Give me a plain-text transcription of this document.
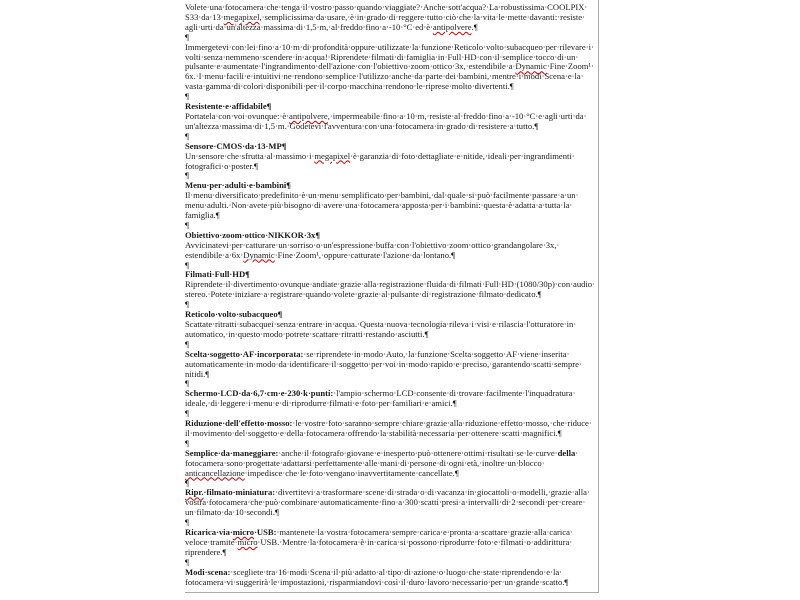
Volete·​una·​fotocamera·​che·​tenga·​il·​vostro·​passo·​quando·​viaggiate?·​Anche·​sott'acqua?·​La·​robustissima·​COOLPIX·​S33·​da·​13·​megapixel,·​semplicissima·​da·​usare,·​è·​in·​grado·​di·​reggere·​tutto·​ciò·​che·​la·​vita·​le·​mette·​davanti:·​resiste·​agli·​urti·​da·​un'altezza·​massima·​di·​1,5·​m,·​al·​freddo·​fino·​a·​-10·​°C·​ed·​è·​antipolvere.¶
¶
Immergetevi·​con·​lei·​fino·​a·​10·​m·​di·​profondità·​oppure·​utilizzate·​la·​funzione·​Reticolo·​volto·​subacqueo·​per·​rilevare·​i·​volti·​senza·​nemmeno·​scendere·​in·​acqua!·​Riprendete·​filmati·​di·​famiglia·​in·​Full·​HD·​con·​il·​semplice·​tocco·​di·​un·​pulsante·​e·​aumentate·​l'ingrandimento·​dell'azione·​con·​l'obiettivo·​zoom·​ottico·​3x,·​estendibile·​a·​Dynamic·​Fine·​Zoom¹·​6x.·​I·​menu·​facili·​e·​intuitivi·​ne·​rendono·​semplice·​l'utilizzo·​anche·​da·​parte·​dei·​bambini,·​mentre·​i·​modi·​Scena·​e·​la·​vasta·​gamma·​di·​colori·​disponibili·​per·​il·​corpo·​macchina·​rendono·​le·​riprese·​molto·​divertenti.¶
¶
Resistente·​e·​affidabile¶
Portatela·​con·​voi·​ovunque:·​è·​antipolvere,·​impermeabile·​fino·​a·​10·​m,·​resiste·​al·​freddo·​fino·​a·​-10·​°C·​e·​agli·​urti·​da·​un'altezza·​massima·​di·​1,5·​m.·​Godetevi·​l'avventura·​con·​una·​fotocamera·​in·​grado·​di·​resistere·​a·​tutto.¶
¶
Sensore·​CMOS·​da·​13·​MP¶
Un·​sensore·​che·​sfrutta·​al·​massimo·​i·​megapixel·​è·​garanzia·​di·​foto·​dettagliate·​e·​nitide,·​ideali·​per·​ingrandimenti·​fotografici·​o·​poster.¶
¶
Menu·​per·​adulti·​e·​bambini¶
Il·​menu·​diversificato·​predefinito·​è·​un·​menu·​semplificato·​per·​bambini,·​dal·​quale·​si·​può·​facilmente·​passare·​a·​un·​menu·​adulti.·​Non·​avete·​più·​bisogno·​di·​avere·​una·​fotocamera·​apposta·​per·​i·​bambini:·​questa·​è·​adatta·​a·​tutta·​la·​famiglia.¶
¶
Obiettivo·​zoom·​ottico·​NIKKOR·​3x¶
Avvicinatevi·​per·​catturare·​un·​sorriso·​o·​un'espressione·​buffa·​con·​l'obiettivo·​zoom·​ottico·​grandangolare·​3x,·​estendibile·​a·​6x·​Dynamic·​Fine·​Zoom¹,·​oppure·​catturate·​l'azione·​da·​lontano.¶
¶
Filmati·​Full·​HD¶
Riprendete·​il·​divertimento·​ovunque·​andiate·​grazie·​alla·​registrazione·​fluida·​di·​filmati·​Full·​HD·​(1080/30p)·​con·​audio·​stereo.·​Potete·​iniziare·​a·​registrare·​quando·​volete·​grazie·​al·​pulsante·​di·​registrazione·​filmato·​dedicato.¶
¶
Reticolo·​volto·​subacqueo¶
Scattate·​ritratti·​subacquei·​senza·​entrare·​in·​acqua.·​Questa·​nuova·​tecnologia·​rileva·​i·​visi·​e·​rilascia·​l'otturatore·​in·​automatico,·​in·​questo·​modo·​potrete·​scattare·​ritratti·​restando·​asciutti.¶
¶
Scelta·​soggetto·​AF·​incorporata:·​se·​riprendete·​in·​modo·​Auto,·​la·​funzione·​Scelta·​soggetto·​AF·​viene·​inserita·​automaticamente·​in·​modo·​da·​identificare·​il·​soggetto·​per·​voi·​in·​modo·​rapido·​e·​preciso,·​garantendo·​scatti·​sempre·​nitidi.¶
¶
Schermo·​LCD·​da·​6,7·​cm·​e·​230·​k·​punti:·​l'ampio·​schermo·​LCD·​consente·​di·​trovare·​facilmente·​l'inquadratura·​ideale,·​di·​leggere·​i·​menu·​e·​di·​riprodurre·​filmati·​e·​foto·​per·​familiari·​e·​amici.¶
¶
Riduzione·​dell'effetto·​mosso:·​le·​vostre·​foto·​saranno·​sempre·​chiare·​grazie·​alla·​riduzione·​effetto·​mosso,·​che·​riduce·​il·​movimento·​del·​soggetto·​e·​della·​fotocamera·​offrendo·​la·​stabilità·​necessaria·​per·​ottenere·​scatti·​magnifici.¶
¶
Semplice·​da·​maneggiare:·​anche·​il·​fotografo·​giovane·​e·​inesperto·​può·​ottenere·​ottimi·​risultati·​se·​le·​curve·​della·​fotocamera·​sono·​progettate·​adattarsi·​perfettamente·​alle·​mani·​di·​persone·​di·​ogni·​età,·​inoltre·​un·​blocco·​anticancellazione·​impedisce·​che·​le·​foto·​vengano·​inavvertitamente·​cancellate.¶
¶
Ripr.·​filmato·​miniatura:·​divertitevi·​a·​trasformare·​scene·​di·​strada·​o·​di·​vacanza·​in·​giocattoli·​o·​modelli,·​grazie·​alla·​vostra·​fotocamera·​che·​può·​combinare·​automaticamente·​fino·​a·​300·​scatti·​presi·​a·​intervalli·​di·​2·​secondi·​per·​creare·​un·​filmato·​da·​10·​secondi.¶
¶
Ricarica·​via·​micro·​USB:·​mantenete·​la·​vostra·​fotocamera·​sempre·​carica·​e·​pronta·​a·​scattare·​grazie·​alla·​carica·​veloce·​tramite·​micro·​USB.·​Mentre·​la·​fotocamera·​è·​in·​carica·​si·​possono·​riprodurre·​foto·​e·​filmati·​o·​addirittura·​riprendere.¶
¶
Modi·​scena:·​scegliete·​tra·​16·​modi·​Scena·​il·​più·​adatto·​al·​tipo·​di·​azione·​o·​luogo·​che·​state·​riprendendo·​e·​la·​fotocamera·​vi·​suggerirà·​le·​impostazioni,·​risparmiandovi·​così·​il·​duro·​lavoro·​necessario·​per·​un·​grande·​scatto.¶
